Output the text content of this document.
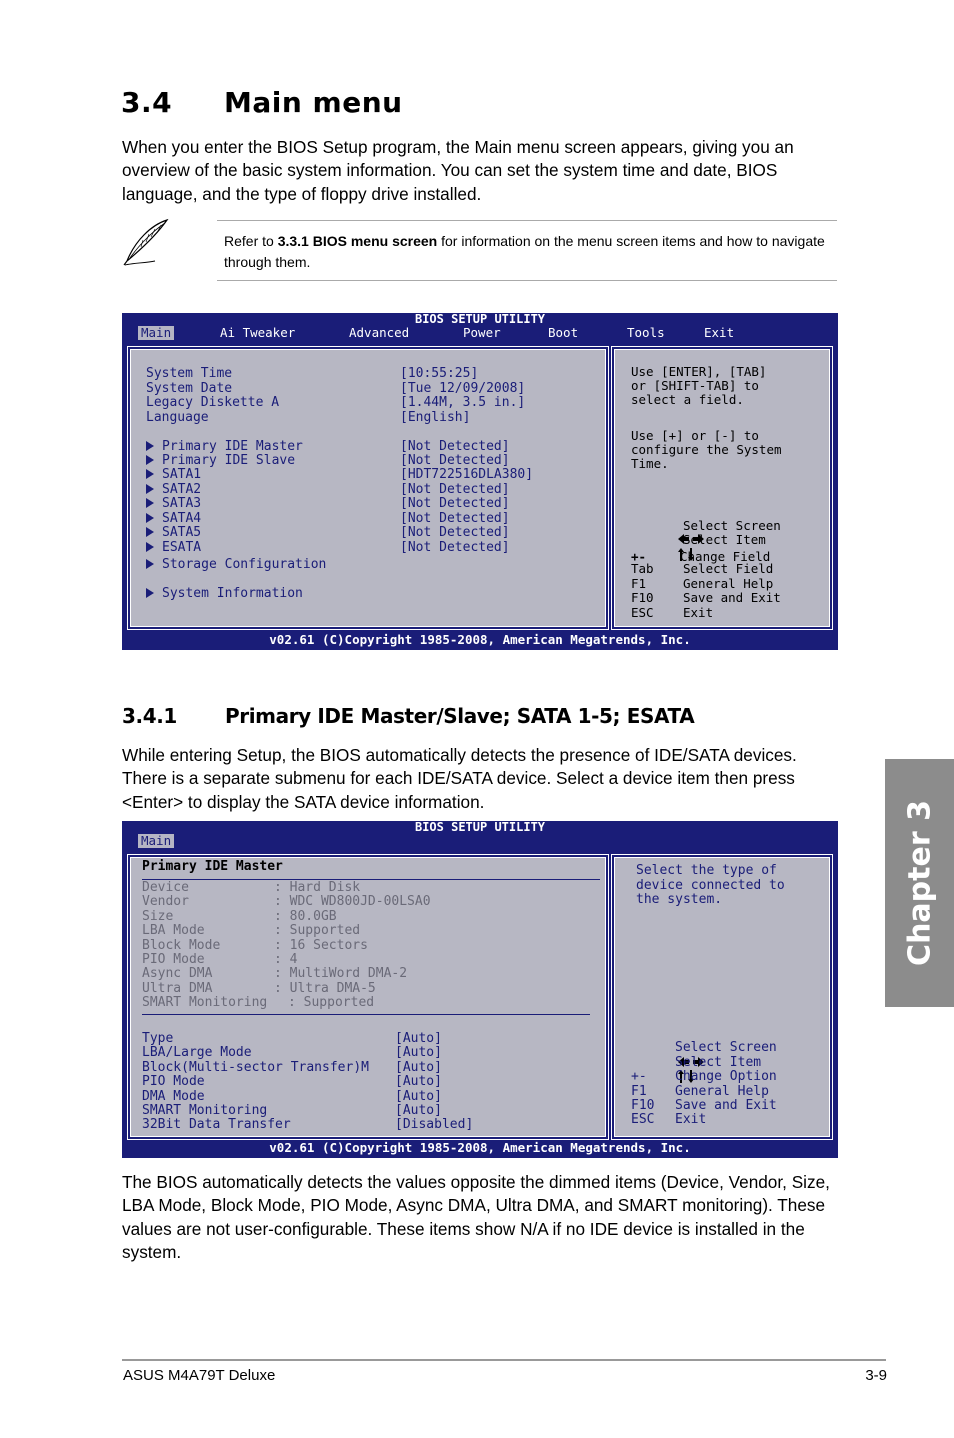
3.4 Main menu

When you enter the BIOS Setup program, the Main menu screen appears, giving you an overview of the basic system information. You can set the system time and date, BIOS language, and the type of floppy drive installed.

Refer to 3.3.1 BIOS menu screen for information on the menu screen items and how to navigate through them.
BIOS SETUP UTILITY
Main	Ai Tweaker	Advanced	Power	Boot	Tools	Exit
System Time	[10:55:25]
System Date	[Tue 12/09/2008]
Legacy Diskette A	[1.44M, 3.5 in.]
Language	[English]
Primary IDE Master	[Not Detected]
Primary IDE Slave	[Not Detected]
SATA1	[HDT722516DLA380]
SATA2	[Not Detected]
SATA3	[Not Detected]
SATA4	[Not Detected]
SATA5	[Not Detected]
ESATA	[Not Detected]
Storage Configuration
System Information
Use [ENTER], [TAB]
or [SHIFT-TAB] to
select a field.
Use [+] or [-] to
configure the System
Time.

Select Screen

Select Item
+-	Change Field
Tab Select Field
F1	General Help
F10 Save and Exit
ESC Exit
v02.61 (C)Copyright 1985-2008, American Megatrends, Inc.
3.4.1 Primary IDE Master/Slave; SATA 1-5; ESATA

While entering Setup, the BIOS automatically detects the presence of IDE/SATA devices. There is a separate submenu for each IDE/SATA device. Select a device item then press <Enter> to display the SATA device information.

BIOS SETUP UTILITY
Main
Primary IDE Master
Device	: Hard Disk
Vendor	: WDC WD800JD-00LSA0
Size	: 80.0GB
LBA Mode	: Supported
Block Mode	: 16 Sectors
PIO Mode	: 4
Async DMA	: MultiWord DMA-2
Ultra DMA	: Ultra DMA-5
SMART Monitoring : Supported
Type	[Auto]
LBA/Large Mode	[Auto]
Block(Multi-sector Transfer)M [Auto]
PIO Mode	[Auto]
DMA Mode	[Auto]
SMART Monitoring	[Auto]
32Bit Data Transfer	[Disabled]
Select the type of
device connected to
the system.

Select Screen

Select Item
+- Change Option
F1 General Help
F10 Save and Exit
ESC Exit
v02.61 (C)Copyright 1985-2008, American Megatrends, Inc.

The BIOS automatically detects the values opposite the dimmed items (Device, Vendor, Size, LBA Mode, Block Mode, PIO Mode, Async DMA, Ultra DMA, and SMART monitoring). These values are not user-configurable. These items show N/A if no IDE device is installed in the system.

Chapter 3
ASUS M4A79T Deluxe	3-9
